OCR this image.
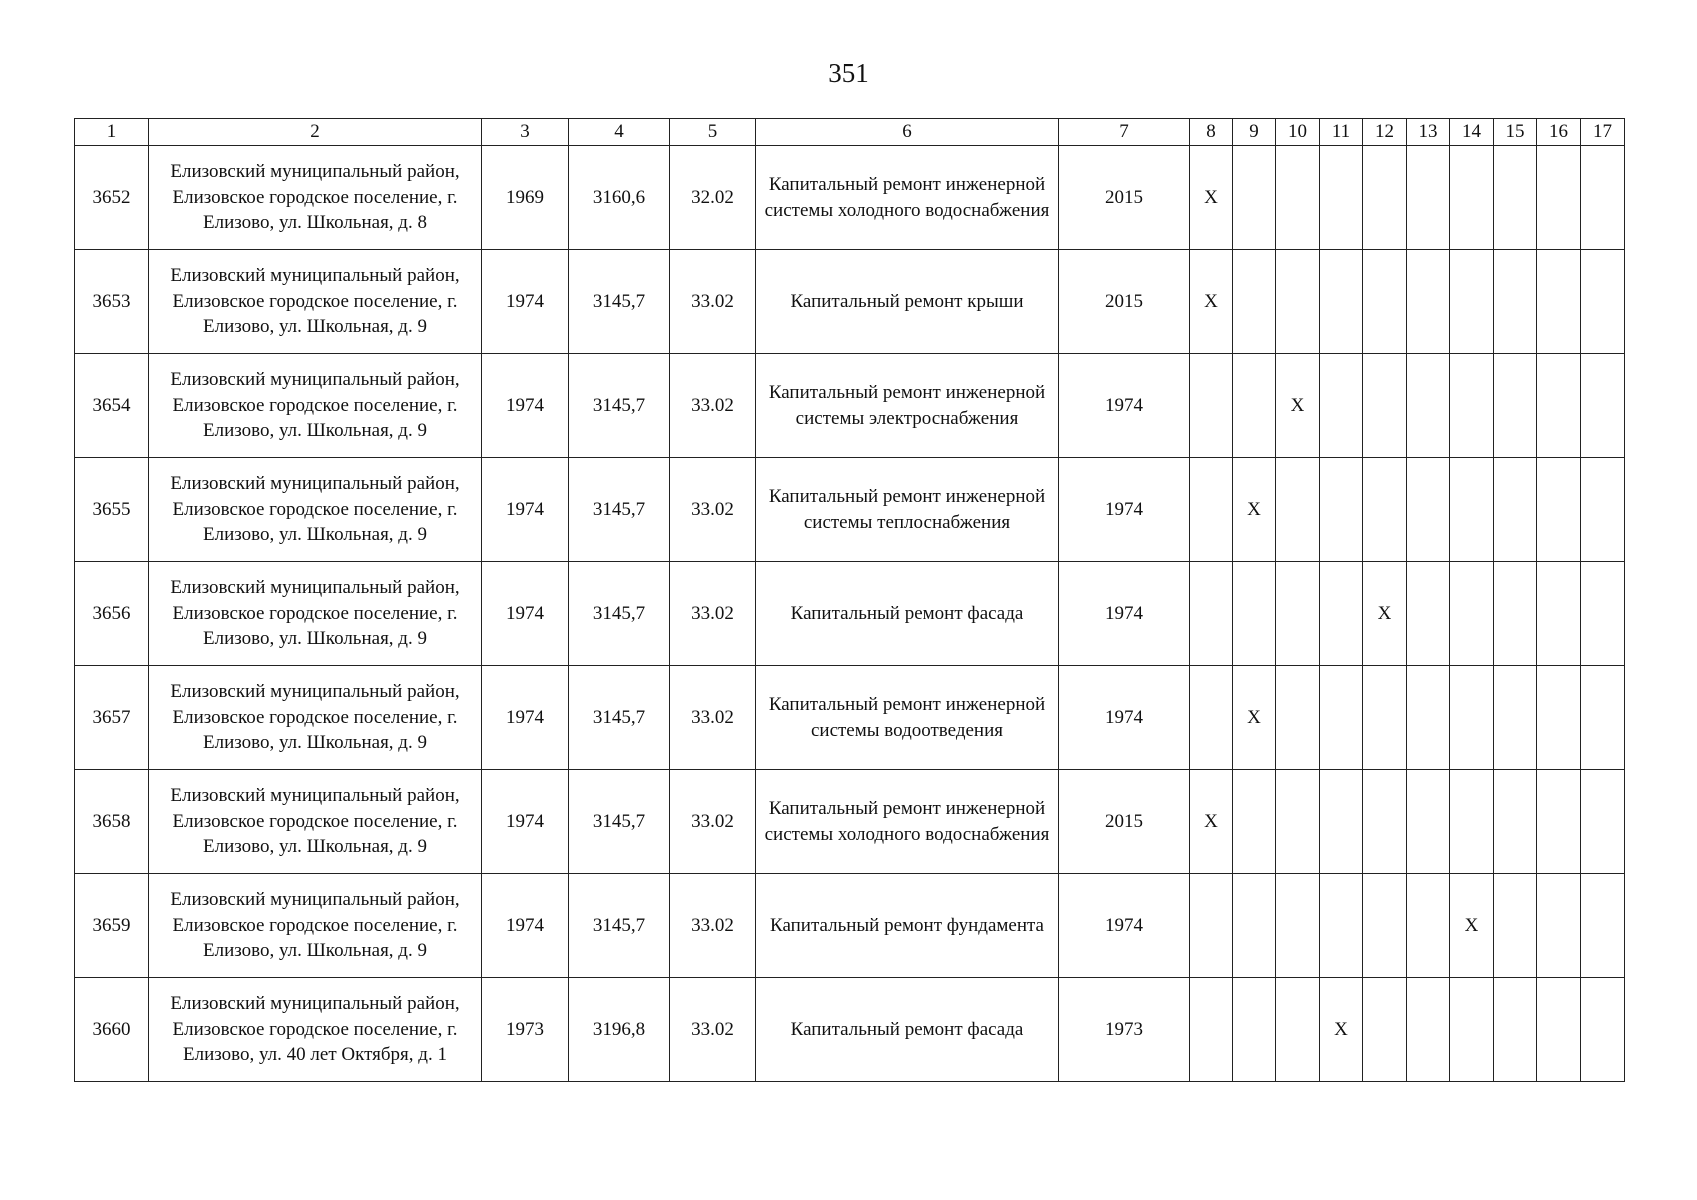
351
1	2	3	4	5	6	7	8	9	10	11	12	13	14	15	16	17
3652	Елизовский муниципальный район, Елизовское городское поселение, г. Елизово, ул. Школьная, д. 8	1969	3160,6	32.02	Капитальный ремонт инженерной системы холодного водоснабжения	2015	X									
3653	Елизовский муниципальный район, Елизовское городское поселение, г. Елизово, ул. Школьная, д. 9	1974	3145,7	33.02	Капитальный ремонт крыши	2015	X									
3654	Елизовский муниципальный район, Елизовское городское поселение, г. Елизово, ул. Школьная, д. 9	1974	3145,7	33.02	Капитальный ремонт инженерной системы электроснабжения	1974			X							
3655	Елизовский муниципальный район, Елизовское городское поселение, г. Елизово, ул. Школьная, д. 9	1974	3145,7	33.02	Капитальный ремонт инженерной системы теплоснабжения	1974		X								
3656	Елизовский муниципальный район, Елизовское городское поселение, г. Елизово, ул. Школьная, д. 9	1974	3145,7	33.02	Капитальный ремонт фасада	1974					X					
3657	Елизовский муниципальный район, Елизовское городское поселение, г. Елизово, ул. Школьная, д. 9	1974	3145,7	33.02	Капитальный ремонт инженерной системы водоотведения	1974		X								
3658	Елизовский муниципальный район, Елизовское городское поселение, г. Елизово, ул. Школьная, д. 9	1974	3145,7	33.02	Капитальный ремонт инженерной системы холодного водоснабжения	2015	X									
3659	Елизовский муниципальный район, Елизовское городское поселение, г. Елизово, ул. Школьная, д. 9	1974	3145,7	33.02	Капитальный ремонт фундамента	1974							X			
3660	Елизовский муниципальный район, Елизовское городское поселение, г. Елизово, ул. 40 лет Октября, д. 1	1973	3196,8	33.02	Капитальный ремонт фасада	1973				X						
